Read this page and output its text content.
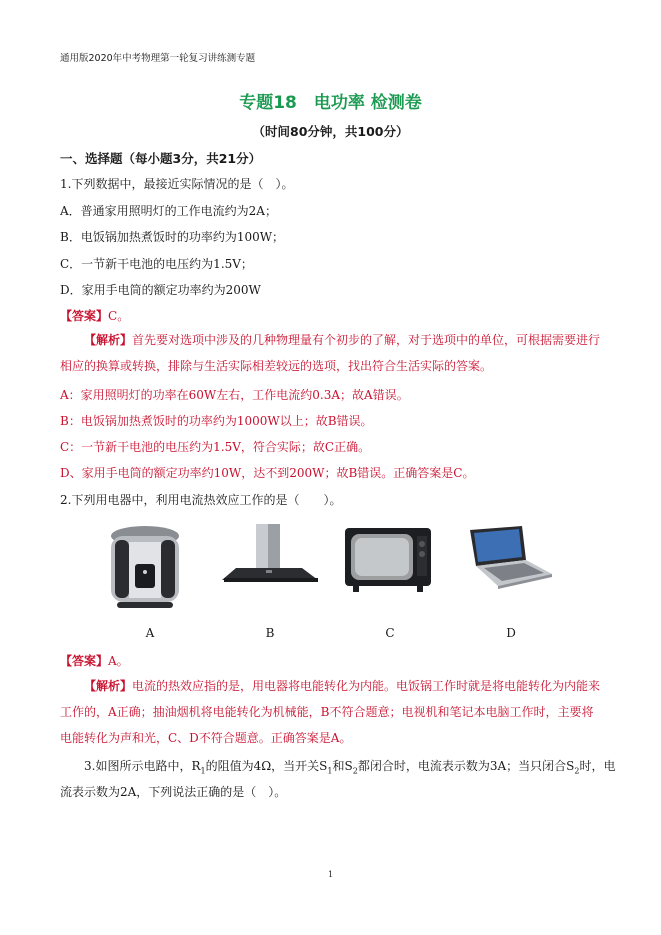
通用版2020年中考物理第一轮复习讲练测专题
专题18　电功率 检测卷
（时间80分钟，共100分）
一、选择题（每小题3分，共21分）
1.下列数据中，最接近实际情况的是（　）。
A．普通家用照明灯的工作电流约为2A；
B．电饭锅加热煮饭时的功率约为100W；
C．一节新干电池的电压约为1.5V；
D．家用手电筒的额定功率约为200W
【答案】C。
【解析】首先要对选项中涉及的几种物理量有个初步的了解，对于选项中的单位，可根据需要进行相应的换算或转换，排除与生活实际相差较远的选项，找出符合生活实际的答案。
A：家用照明灯的功率在60W左右，工作电流约0.3A；故A错误。
B：电饭锅加热煮饭时的功率约为1000W以上；故B错误。
C：一节新干电池的电压约为1.5V，符合实际；故C正确。
D、家用手电筒的额定功率约10W，达不到200W；故B错误。正确答案是C。
2.下列用电器中，利用电流热效应工作的是（　　）。
A	B	C	D
【答案】A。
【解析】电流的热效应指的是，用电器将电能转化为内能。电饭锅工作时就是将电能转化为内能来工作的，A正确；抽油烟机将电能转化为机械能，B不符合题意；电视机和笔记本电脑工作时，主要将电能转化为声和光，C、D不符合题意。正确答案是A。
3.如图所示电路中，$R_1$的阻值为4Ω，当开关$S_1$和$S_2$都闭合时，电流表示数为3A；当只闭合$S_2$时，电
流表示数为2A，下列说法正确的是（　）。
1
